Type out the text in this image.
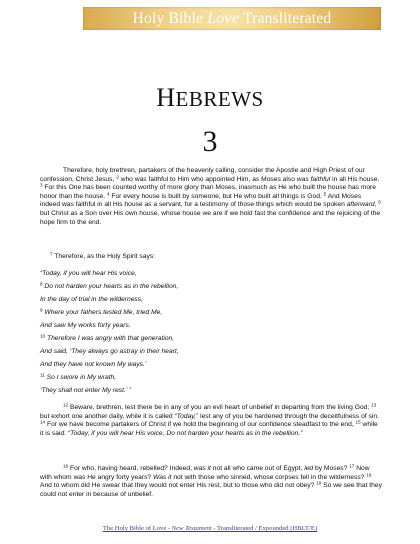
Holy Bible Love Transliterated
HEBREWS
3
Therefore, holy brethren, partakers of the heavenly calling, consider the Apostle and High Priest of our confession, Christ Jesus, $^2$ who was faithful to Him who appointed Him, as Moses also was faithful in all His house. $^3$ For this One has been counted worthy of more glory than Moses, inasmuch as He who built the house has more honor than the house. $^4$ For every house is built by someone, but He who built all things is God. $^5$ And Moses indeed was faithful in all His house as a servant, for a testimony of those things which would be spoken afterward, $^6$ but Christ as a Son over His own house, whose house we are if we hold fast the confidence and the rejoicing of the hope firm to the end.
$^7$ Therefore, as the Holy Spirit says:
“Today, if you will hear His voice,
$^8$ Do not harden your hearts as in the rebellion,
In the day of trial in the wilderness,
$^9$ Where your fathers tested Me, tried Me,
And saw My works forty years.
$^{10}$ Therefore I was angry with that generation,
And said, ‘They always go astray in their heart,
And they have not known My ways.’
$^{11}$ So I swore in My wrath,
‘They shall not enter My rest.’ ”
$^{12}$ Beware, brethren, lest there be in any of you an evil heart of unbelief in departing from the living God; $^{13}$ but exhort one another daily, while it is called “Today,” lest any of you be hardened through the deceitfulness of sin. $^{14}$ For we have become partakers of Christ if we hold the beginning of our confidence steadfast to the end, $^{15}$ while it is said: “Today, if you will hear His voice, Do not harden your hearts as in the rebellion.”
$^{16}$ For who, having heard, rebelled? Indeed, was it not all who came out of Egypt, led by Moses? $^{17}$ Now with whom was He angry forty years? Was it not with those who sinned, whose corpses fell in the wilderness? $^{18}$ And to whom did He swear that they would not enter His rest, but to those who did not obey? $^{19}$ So we see that they could not enter in because of unbelief.
The Holy Bible of Love - New Testament - Transliterated / Expounded (HBLT/E)
